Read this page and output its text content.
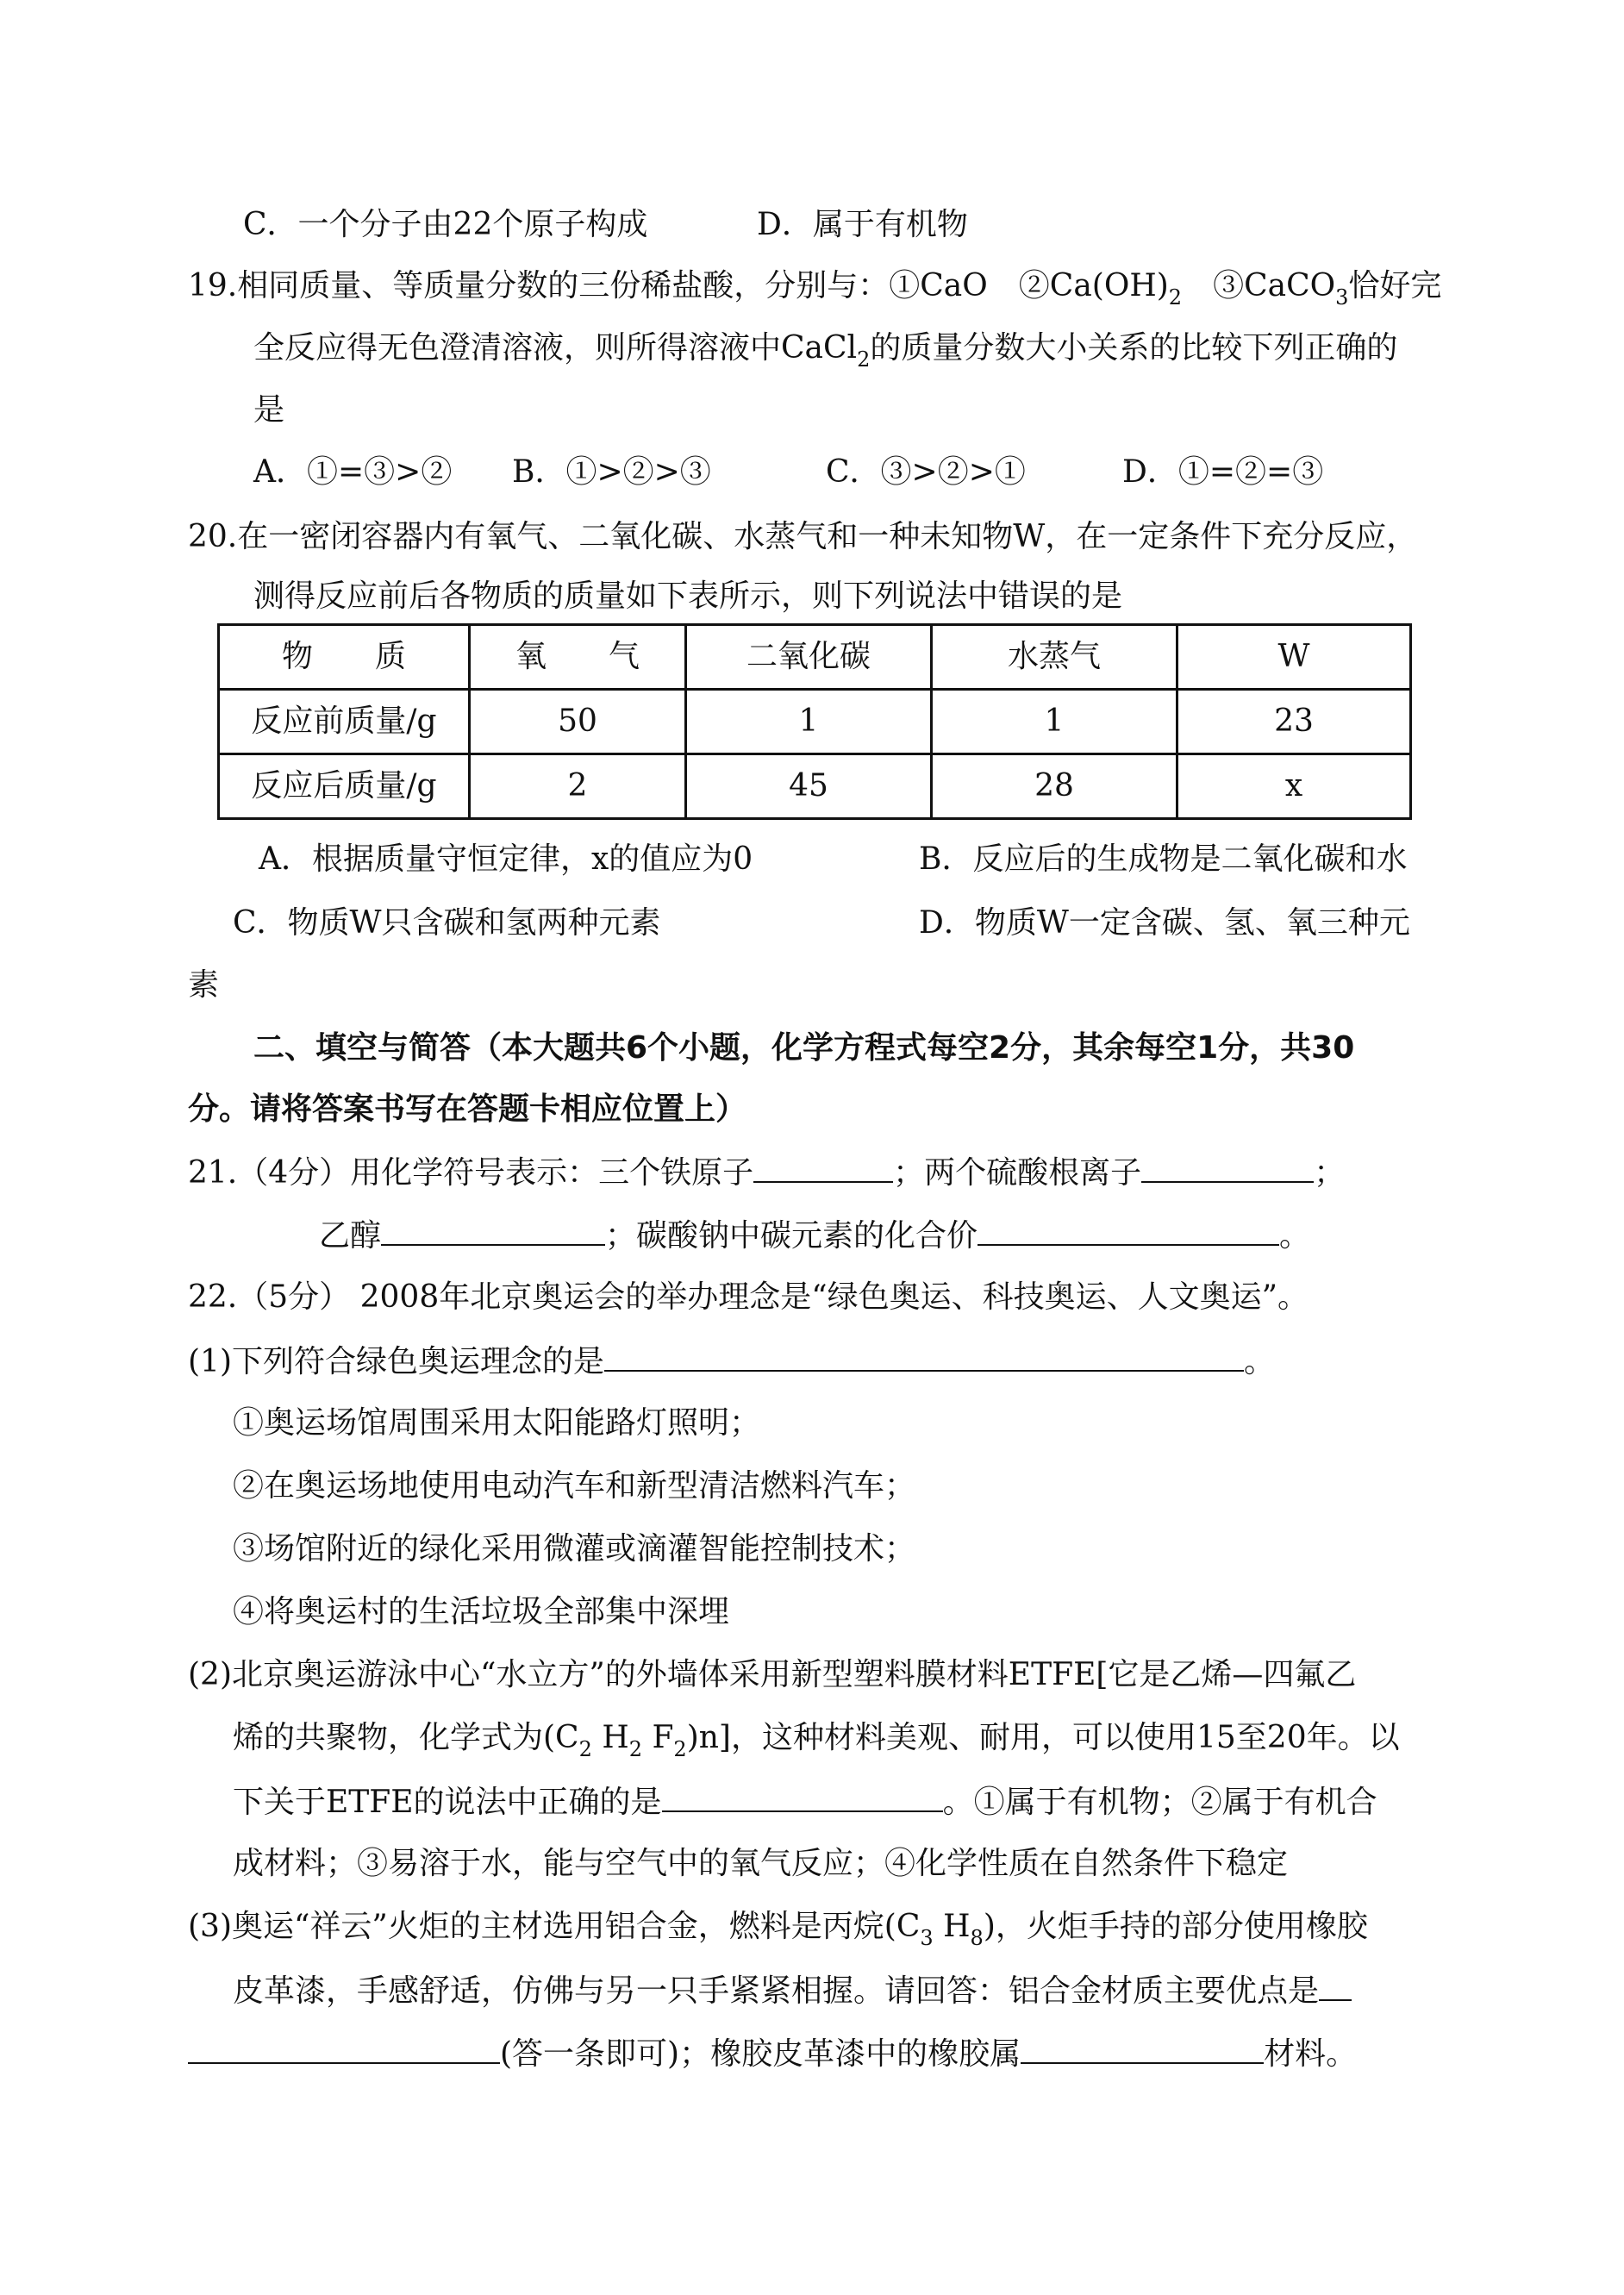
C．一个分子由22个原子构成	D．属于有机物
19.相同质量、等质量分数的三份稀盐酸，分别与：①CaO　$②Ca(OH)_2$　③CaCO$_3$恰好完
全反应得无色澄清溶液，则所得溶液中CaCl$_2$的质量分数大小关系的比较下列正确的
是
A．①=③>② B．①>②>③	C．③>②>①	D．①=②=③
20.在一密闭容器内有氧气、二氧化碳、水蒸气和一种未知物W，在一定条件下充分反应，
测得反应前后各物质的质量如下表所示，则下列说法中错误的是
物　　质	氧　　气	二氧化碳	水蒸气	W
反应前质量/g	50	1	1	23
反应后质量/g	2	45	28	x
A．根据质量守恒定律，x的值应为0	B．反应后的生成物是二氧化碳和水
C．物质W只含碳和氢两种元素	D．物质W一定含碳、氢、氧三种元
素
二、填空与简答（本大题共6个小题，化学方程式每空2分，其余每空1分，共30
分。请将答案书写在答题卡相应位置上）
21.（4分）用化学符号表示：三个铁原子	；两个硫酸根离子	；
乙醇	；碳酸钠中碳元素的化合价	。
22.（5分） 2008年北京奥运会的举办理念是“绿色奥运、科技奥运、人文奥运”。
(1)下列符合绿色奥运理念的是	。
①奥运场馆周围采用太阳能路灯照明；
②在奥运场地使用电动汽车和新型清洁燃料汽车；
③场馆附近的绿化采用微灌或滴灌智能控制技术；
④将奥运村的生活垃圾全部集中深埋
(2)北京奥运游泳中心“水立方”的外墙体采用新型塑料膜材料ETFE[它是乙烯—四氟乙
烯的共聚物，化学式为($C_2$ $H_2$ $F_2)n$]，这种材料美观、耐用，可以使用15至20年。以
下关于ETFE的说法中正确的是	。①属于有机物；②属于有机合
成材料；③易溶于水，能与空气中的氧气反应；④化学性质在自然条件下稳定
(3)奥运“祥云”火炬的主材选用铝合金，燃料是丙烷($C_3$ $H_8$)，火炬手持的部分使用橡胶
皮革漆，手感舒适，仿佛与另一只手紧紧相握。请回答：铝合金材质主要优点是
(答一条即可)；橡胶皮革漆中的橡胶属	材料。
